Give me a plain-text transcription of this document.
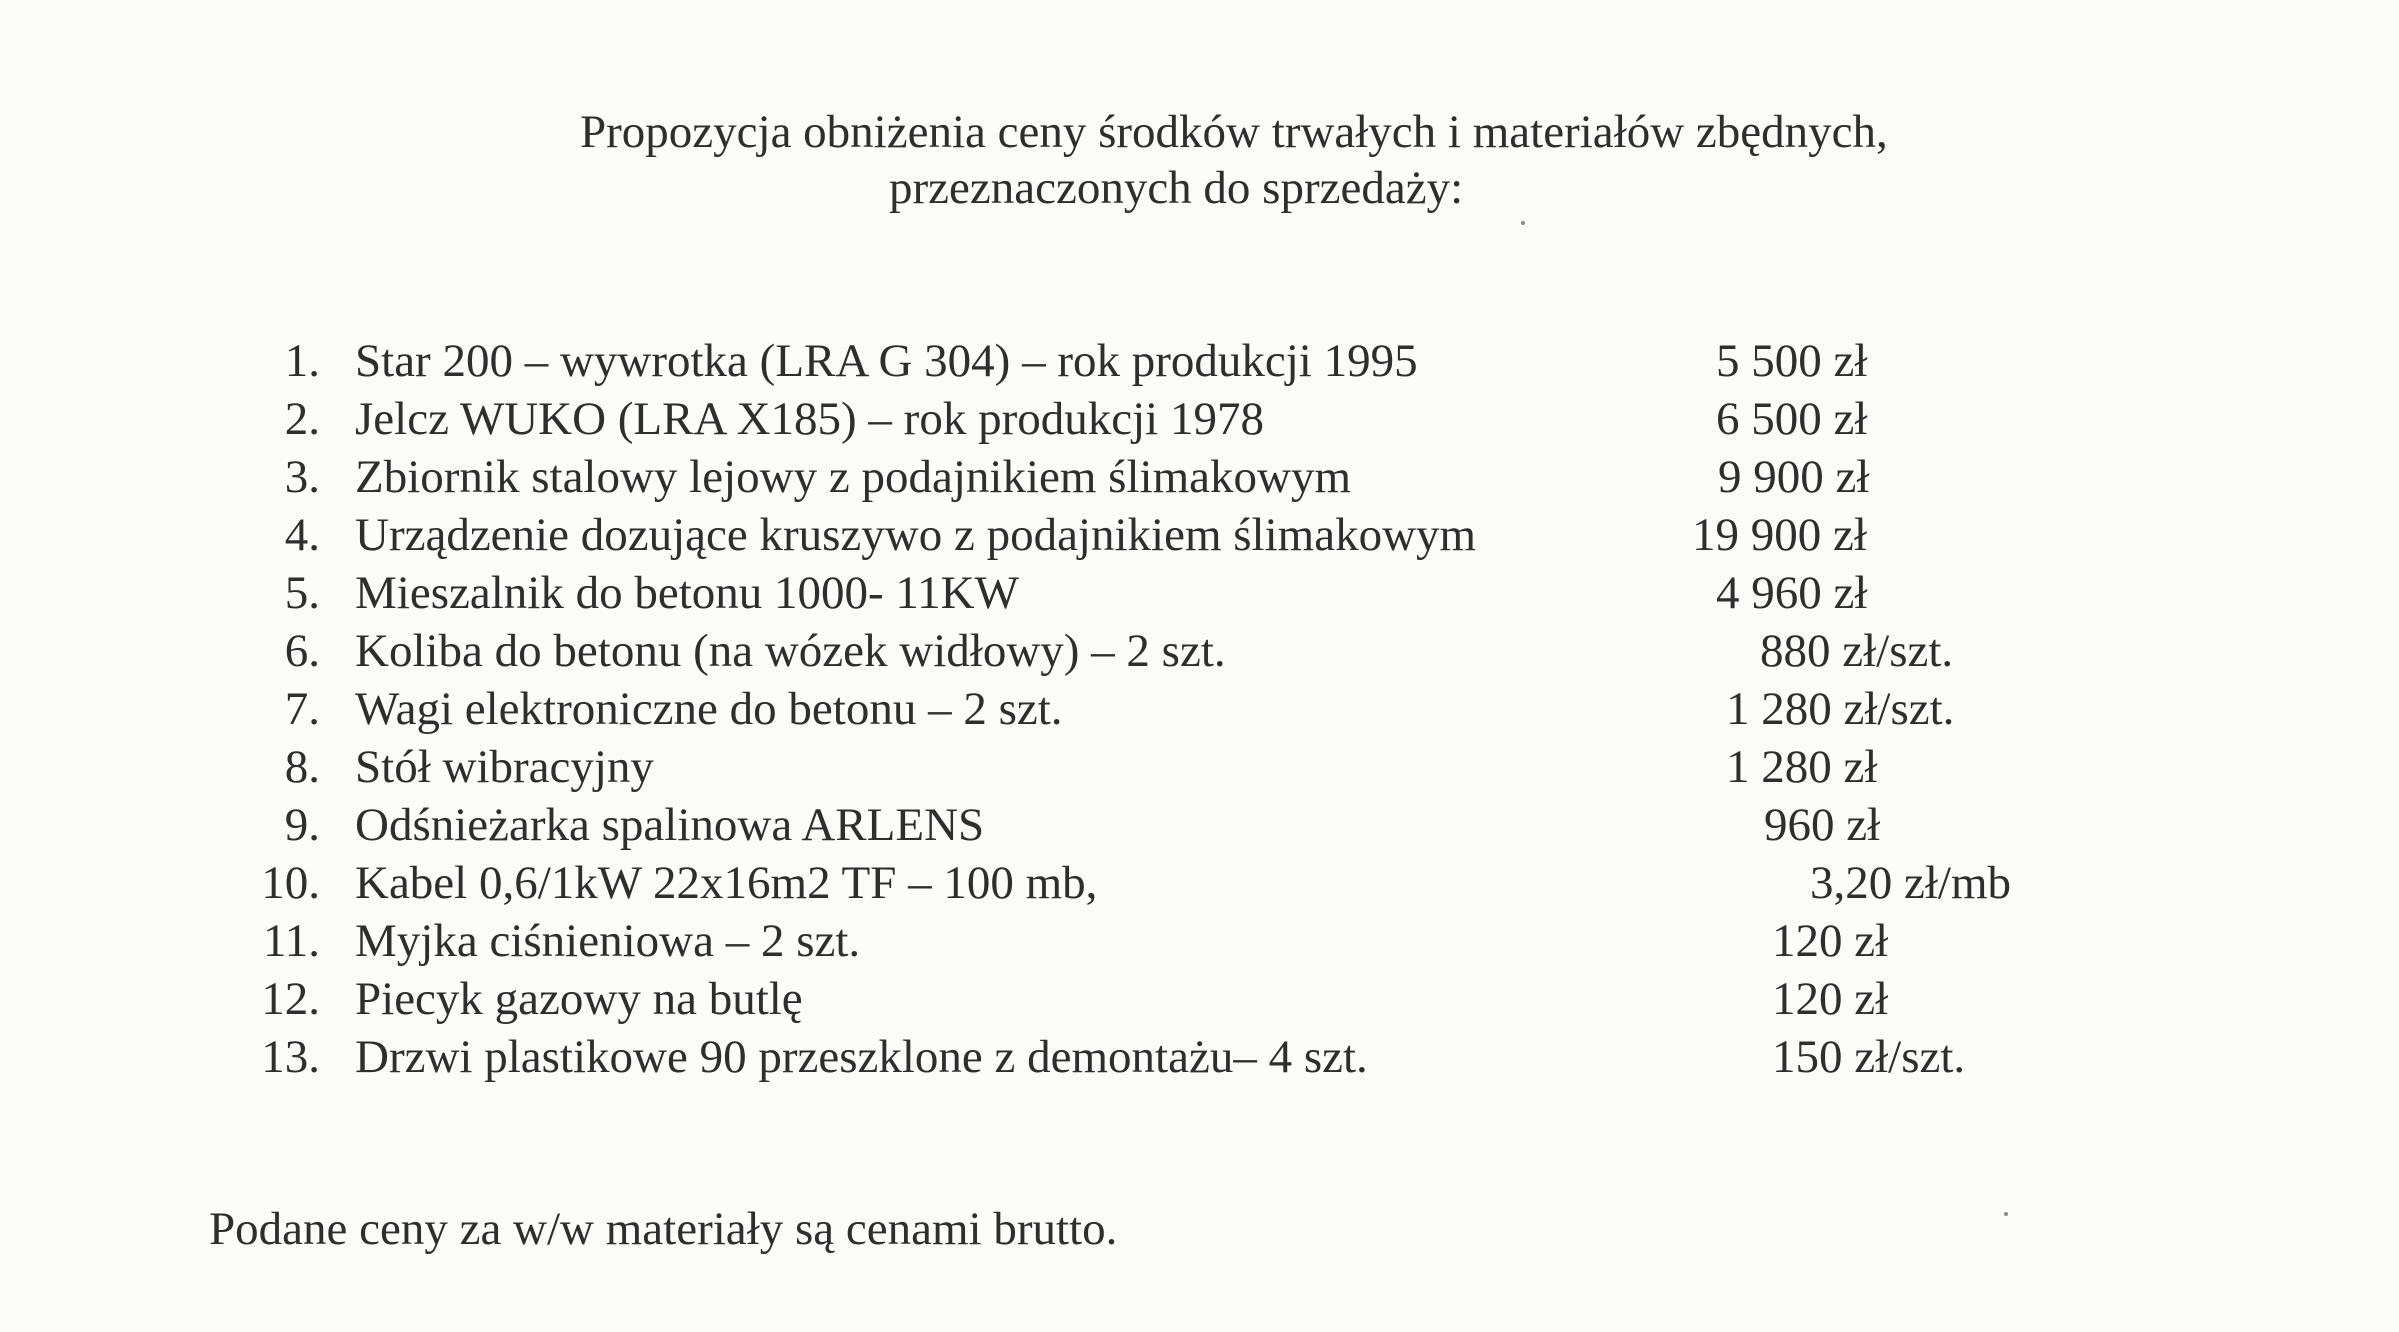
Propozycja obniżenia ceny środków trwałych i materiałów zbędnych,
przeznaczonych do sprzedaży:
1. Star 200 – wywrotka (LRA G 304) – rok produkcji 1995	5 500 zł
2. Jelcz WUKO (LRA X185) – rok produkcji 1978	6 500 zł
3. Zbiornik stalowy lejowy z podajnikiem ślimakowym	9 900 zł
4. Urządzenie dozujące kruszywo z podajnikiem ślimakowym	19 900 zł
5. Mieszalnik do betonu 1000- 11KW	4 960 zł
6. Koliba do betonu (na wózek widłowy) – 2 szt.	880 zł/szt.
7. Wagi elektroniczne do betonu – 2 szt.	1 280 zł/szt.
8. Stół wibracyjny	1 280 zł
9. Odśnieżarka spalinowa ARLENS	960 zł
10. Kabel 0,6/1kW 22x16m2 TF – 100 mb,	3,20 zł/mb
11. Myjka ciśnieniowa – 2 szt.	120 zł
12. Piecyk gazowy na butlę	120 zł
13. Drzwi plastikowe 90 przeszklone z demontażu– 4 szt.	150 zł/szt.
Podane ceny za w/w materiały są cenami brutto.
